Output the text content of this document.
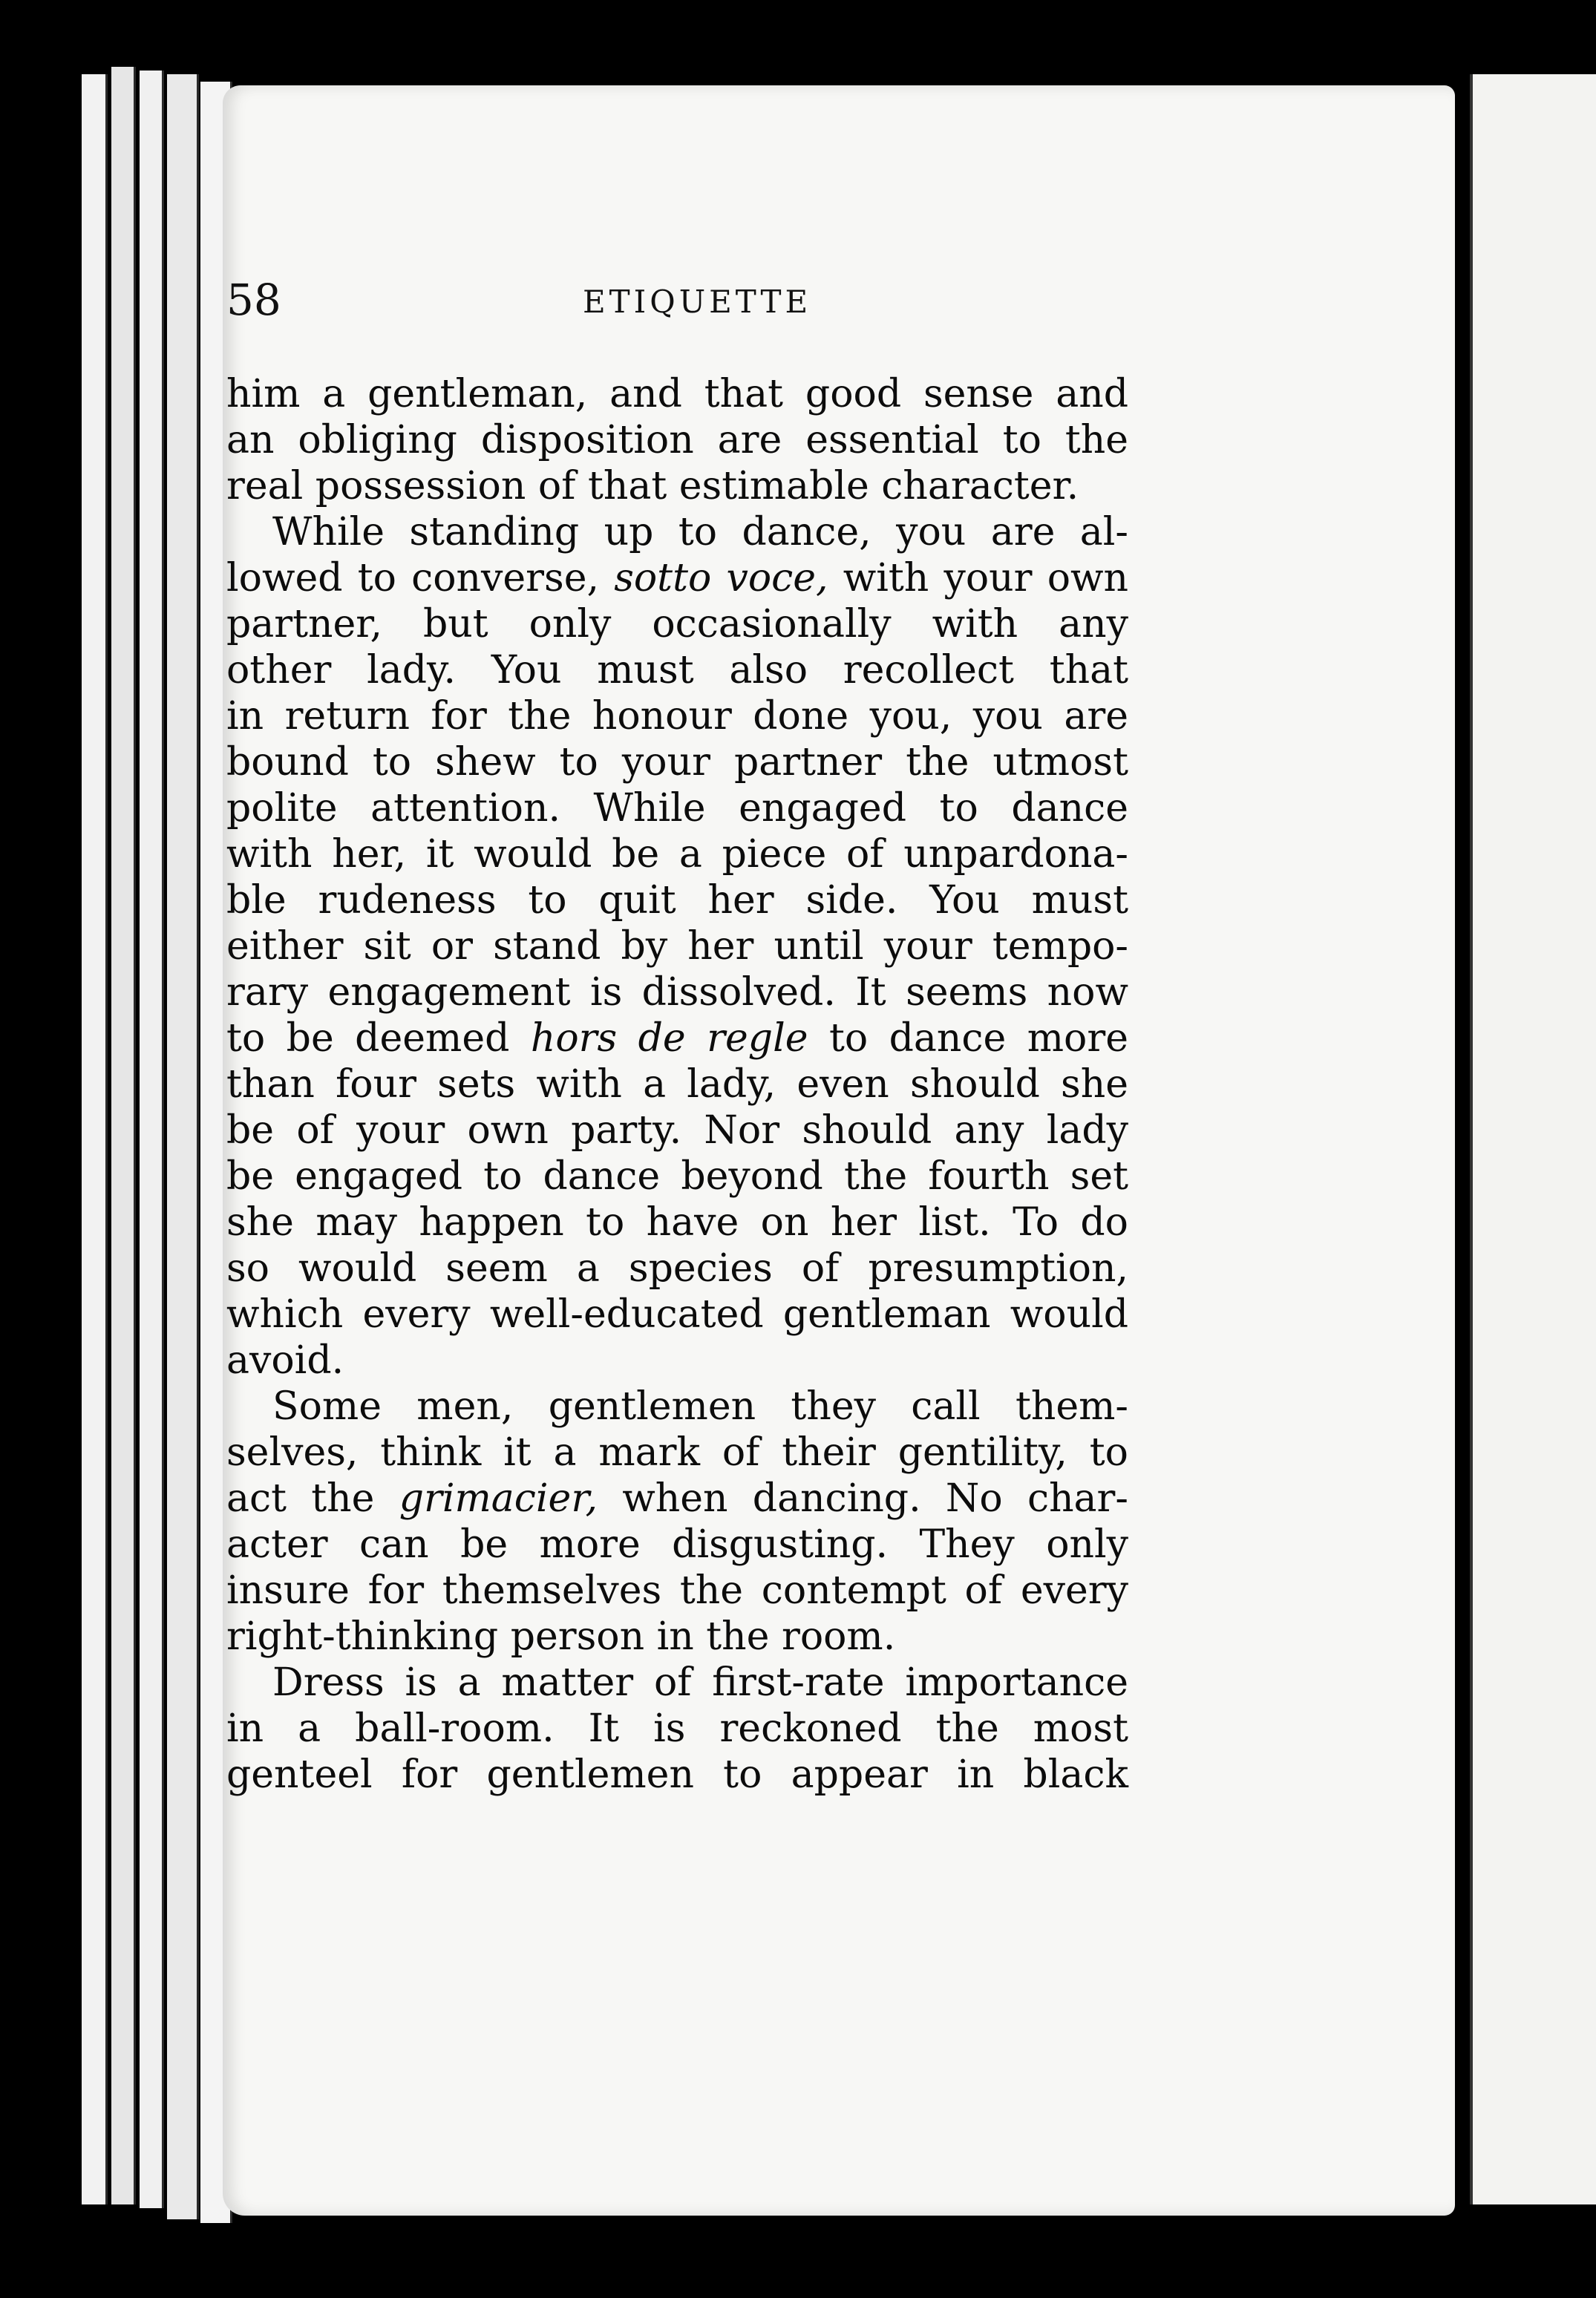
58	ETIQUETTE
him a gentleman, and that good sense and
an obliging disposition are essential to the
real possession of that estimable character.
While standing up to dance, you are al-
lowed to converse, sotto voce, with your own
partner, but only occasionally with any
other lady. You must also recollect that
in return for the honour done you, you are
bound to shew to your partner the utmost
polite attention. While engaged to dance
with her, it would be a piece of unpardona-
ble rudeness to quit her side. You must
either sit or stand by her until your tempo-
rary engagement is dissolved. It seems now
to be deemed hors de regle to dance more
than four sets with a lady, even should she
be of your own party. Nor should any lady
be engaged to dance beyond the fourth set
she may happen to have on her list. To do
so would seem a species of presumption,
which every well-educated gentleman would
avoid.
Some men, gentlemen they call them-
selves, think it a mark of their gentility, to
act the grimacier, when dancing. No char-
acter can be more disgusting. They only
insure for themselves the contempt of every
right-thinking person in the room.
Dress is a matter of first-rate importance
in a ball-room. It is reckoned the most
genteel for gentlemen to appear in black
